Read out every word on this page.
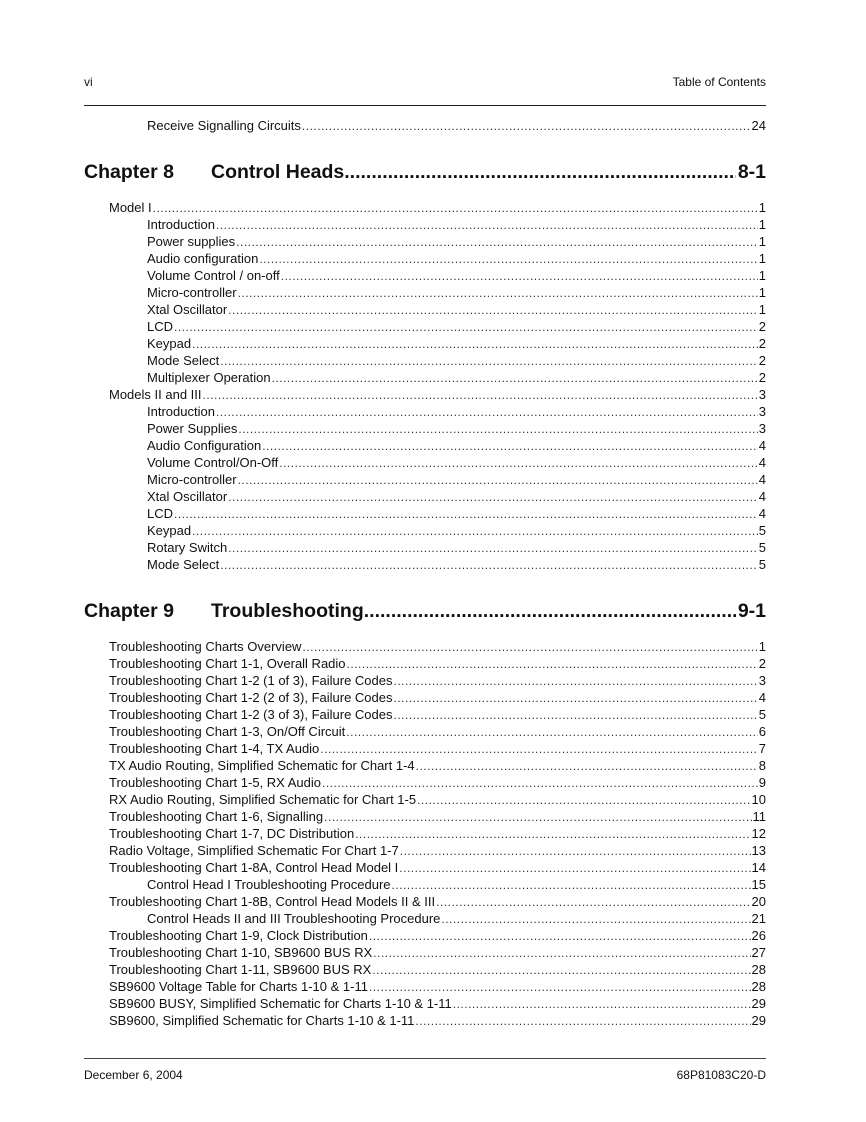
vi	Table of Contents
Receive Signalling Circuits .....	24
Chapter 8	Control Heads .....	8-1
Model I .....	1
Introduction .....	1
Power supplies .....	1
Audio configuration .....	1
Volume Control / on-off .....	1
Micro-controller .....	1
Xtal Oscillator .....	1
LCD .....	2
Keypad .....	2
Mode Select .....	2
Multiplexer Operation .....	2
Models II and III .....	3
Introduction .....	3
Power Supplies .....	3
Audio Configuration .....	4
Volume Control/On-Off .....	4
Micro-controller .....	4
Xtal Oscillator .....	4
LCD .....	4
Keypad .....	5
Rotary Switch .....	5
Mode Select .....	5
Chapter 9	Troubleshooting .....	9-1
Troubleshooting Charts Overview .....	1
Troubleshooting Chart 1-1, Overall Radio .....	2
Troubleshooting Chart 1-2 (1 of 3), Failure Codes .....	3
Troubleshooting Chart 1-2 (2 of 3), Failure Codes .....	4
Troubleshooting Chart 1-2 (3 of 3), Failure Codes .....	5
Troubleshooting Chart 1-3, On/Off Circuit .....	6
Troubleshooting Chart 1-4, TX Audio .....	7
TX Audio Routing, Simplified Schematic for Chart 1-4 .....	8
Troubleshooting Chart 1-5, RX Audio .....	9
RX Audio Routing, Simplified Schematic for Chart 1-5 .....	10
Troubleshooting Chart 1-6, Signalling .....	11
Troubleshooting Chart 1-7, DC Distribution .....	12
Radio Voltage, Simplified Schematic For Chart 1-7 .....	13
Troubleshooting Chart 1-8A, Control Head Model I .....	14
Control Head I Troubleshooting Procedure .....	15
Troubleshooting Chart 1-8B, Control Head Models II & III .....	20
Control Heads II and III Troubleshooting Procedure .....	21
Troubleshooting Chart 1-9, Clock Distribution .....	26
Troubleshooting Chart 1-10, SB9600 BUS RX .....	27
Troubleshooting Chart 1-11, SB9600 BUS RX .....	28
SB9600 Voltage Table for Charts 1-10 & 1-11 .....	28
SB9600 BUSY, Simplified Schematic for Charts 1-10 & 1-11 .....	29
SB9600, Simplified Schematic for Charts 1-10 & 1-11 .....	29
December 6, 2004	68P81083C20-D
